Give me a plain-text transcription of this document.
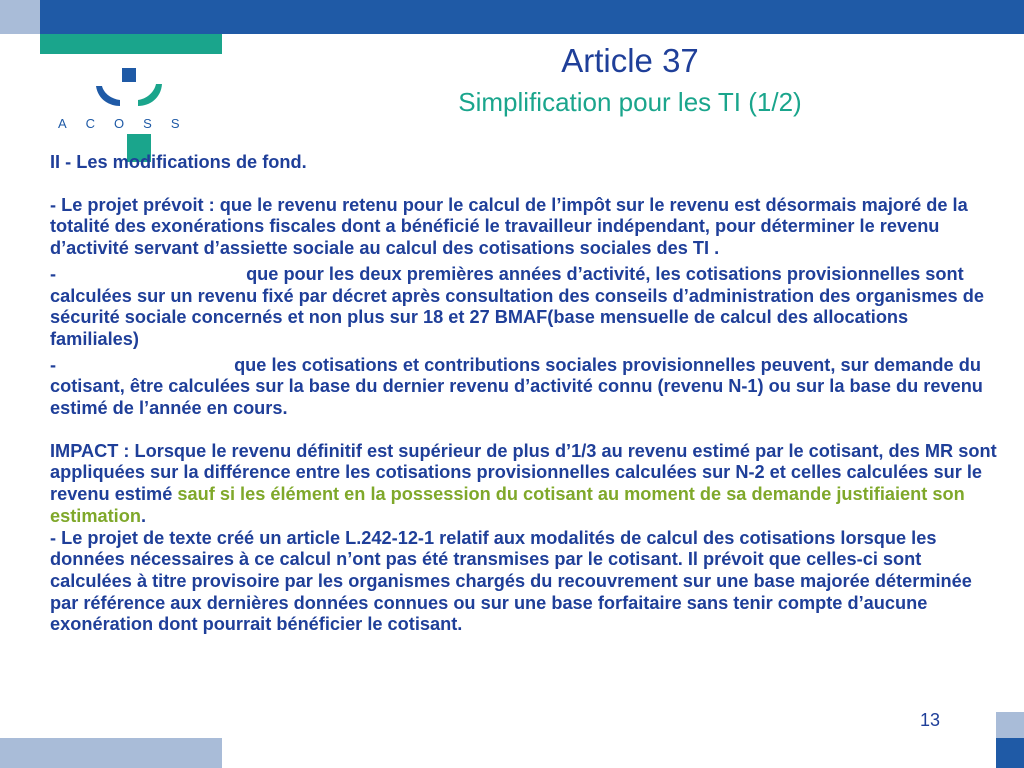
ACOSS
Article 37
Simplification pour les TI (1/2)

II - Les modifications de fond.

- Le projet prévoit : que le revenu retenu pour le calcul de l’impôt sur le revenu est désormais majoré de la totalité des exonérations fiscales dont a bénéficié le travailleur indépendant, pour déterminer le revenu d’activité servant d’assiette sociale au calcul des cotisations sociales des TI .

-	que pour les deux premières années d’activité, les cotisations provisionnelles sont calculées sur un revenu fixé par décret après consultation des conseils d’administration des organismes de sécurité sociale concernés et non plus sur 18 et 27 BMAF(base mensuelle de calcul des allocations familiales)

-	que les cotisations et contributions sociales provisionnelles peuvent, sur demande du cotisant, être calculées sur la base du dernier revenu d’activité connu (revenu N-1) ou sur la base du revenu estimé de l’année en cours.

IMPACT : Lorsque le revenu définitif est supérieur de plus d’1/3 au revenu estimé par le cotisant, des MR sont appliquées sur la différence entre les cotisations provisionnelles calculées sur N-2 et celles calculées sur le revenu estimé sauf si les élément en la possession du cotisant au moment de sa demande justifiaient son estimation.

- Le projet de texte créé un article L.242-12-1 relatif aux modalités de calcul des cotisations lorsque les données nécessaires à ce calcul n’ont pas été transmises par le cotisant. Il prévoit que celles-ci sont calculées à titre provisoire par les organismes chargés du recouvrement sur une base majorée déterminée par référence aux dernières données connues ou sur une base forfaitaire sans tenir compte d’aucune exonération dont pourrait bénéficier le cotisant.

13
